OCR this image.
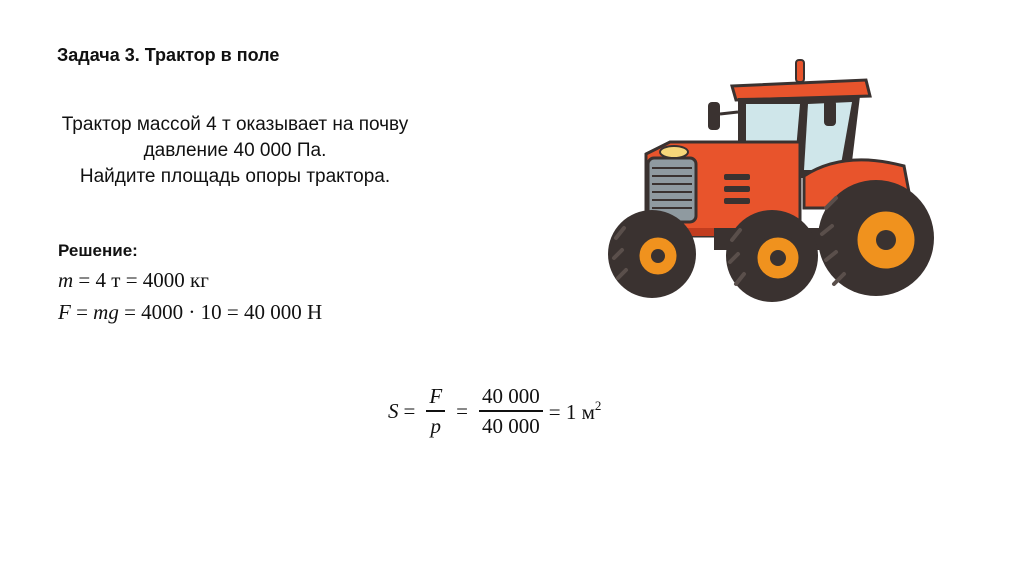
Задача 3. Трактор в поле
Трактор массой 4 т оказывает на почву
давление 40 000 Па.
Найдите площадь опоры трактора.
Решение:
m = 4 т = 4000 кг
F = mg = 4000 · 10 = 40 000 Н
$S = \frac{F}{p} = \frac{40 000}{40 000} = 1$ $м^2$
